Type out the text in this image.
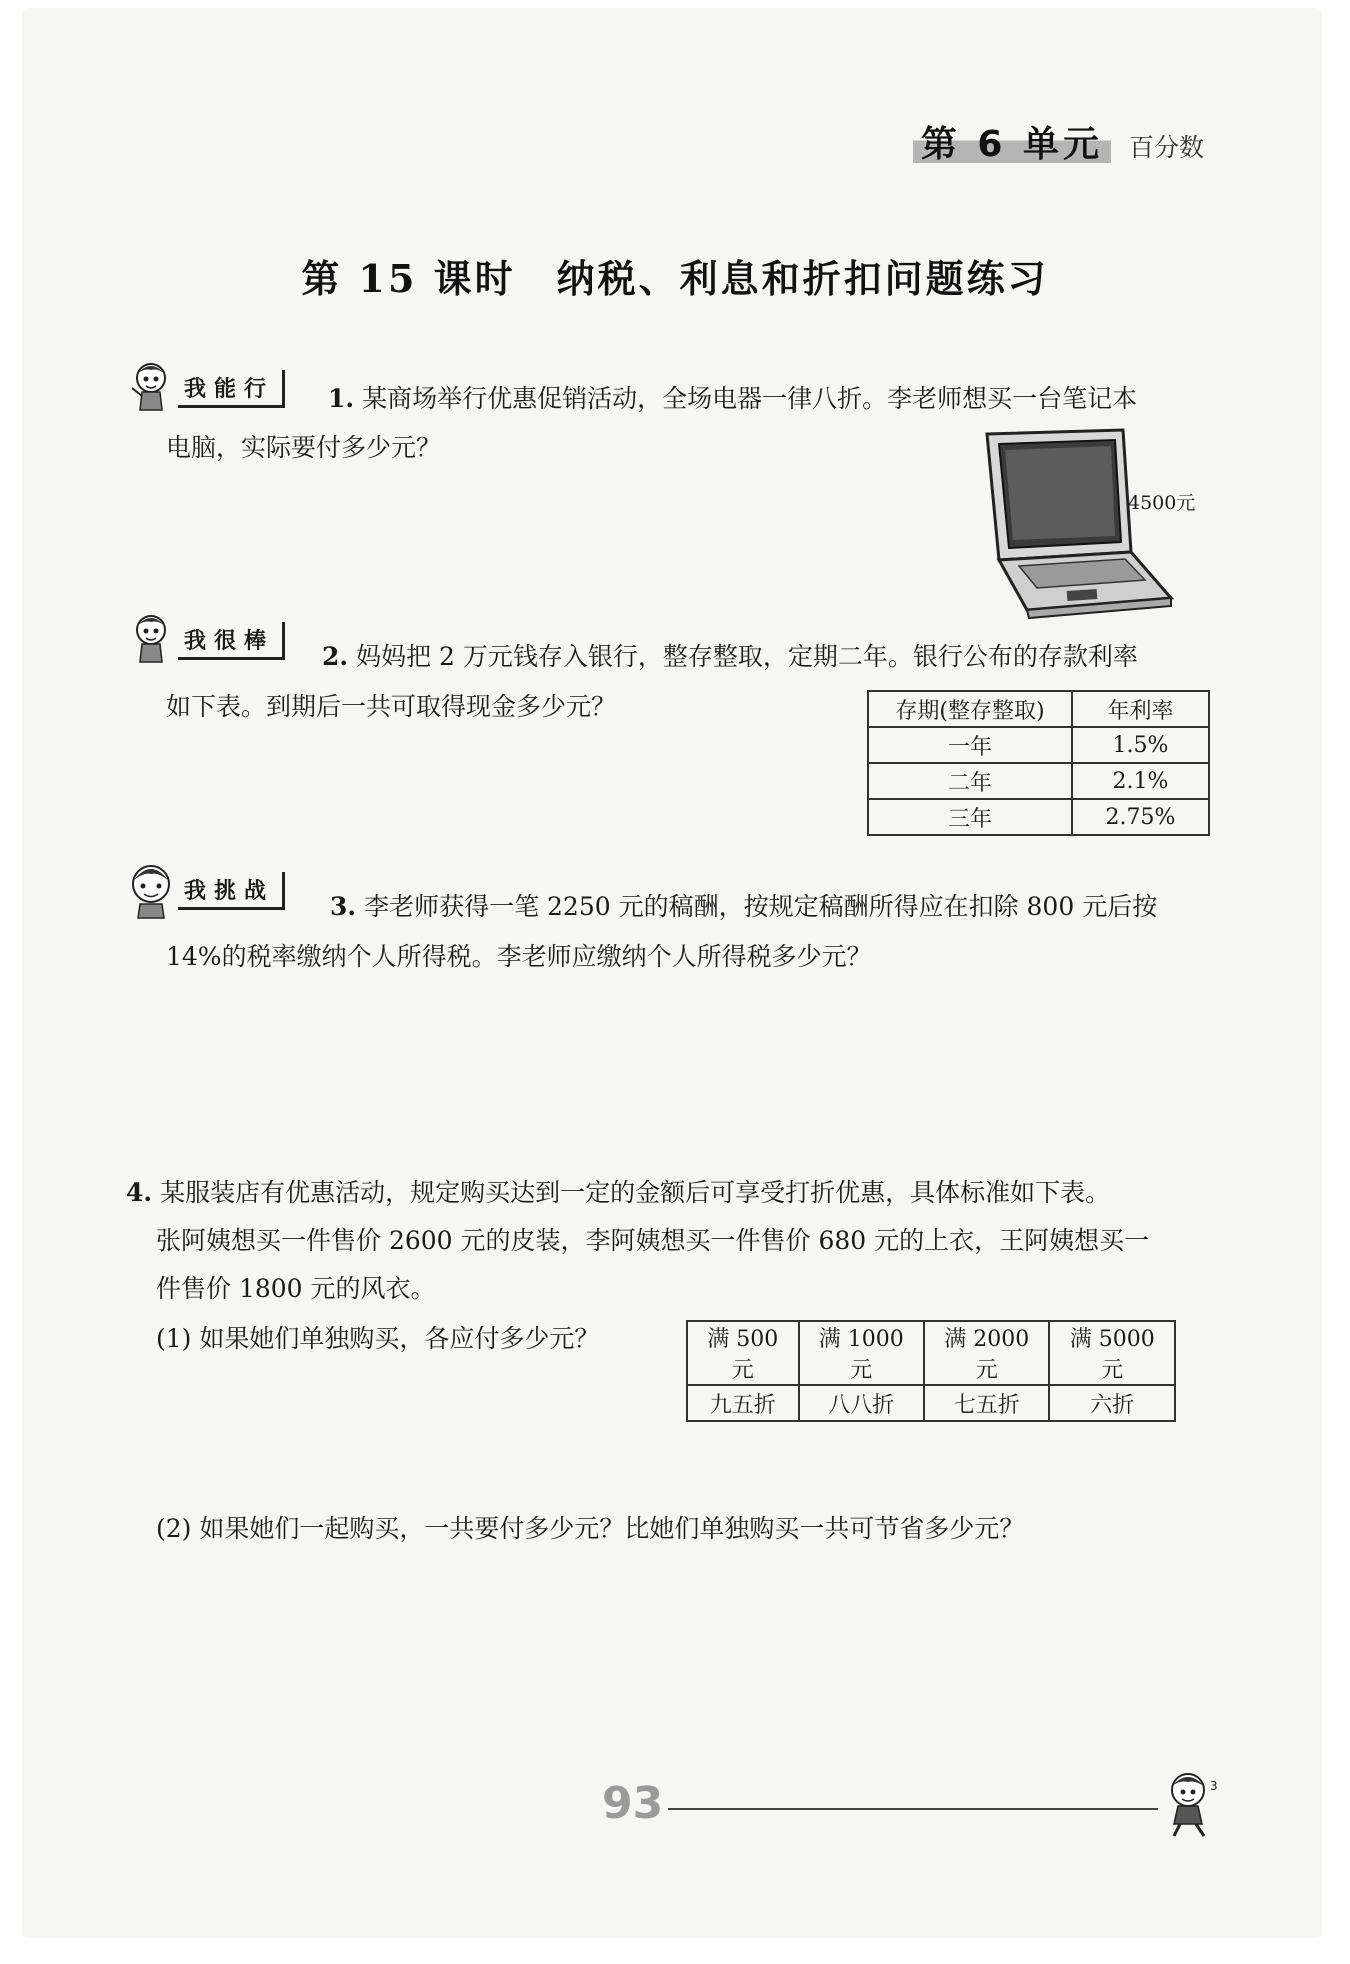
第 6 单元	百分数
第 15 课时　纳税、利息和折扣问题练习
我能行	1. 某商场举行优惠促销活动，全场电器一律八折。李老师想买一台笔记本
电脑，实际要付多少元？
4500元
我很棒
2. 妈妈把 2 万元钱存入银行，整存整取，定期二年。银行公布的存款利率
如下表。到期后一共可取得现金多少元？	存期(整存整取)	年利率
一年	1.5%
二年	2.1%
三年	2.75%
我挑战
3. 李老师获得一笔 2250 元的稿酬，按规定稿酬所得应在扣除 800 元后按
14%的税率缴纳个人所得税。李老师应缴纳个人所得税多少元？
4. 某服装店有优惠活动，规定购买达到一定的金额后可享受打折优惠，具体标准如下表。
张阿姨想买一件售价 2600 元的皮装，李阿姨想买一件售价 680 元的上衣，王阿姨想买一
件售价 1800 元的风衣。
(1) 如果她们单独购买，各应付多少元？	满 500 元	满 1000 元	满 2000 元	满 5000 元
九五折	八八折	七五折	六折
(2) 如果她们一起购买，一共要付多少元？比她们单独购买一共可节省多少元？
93	3
